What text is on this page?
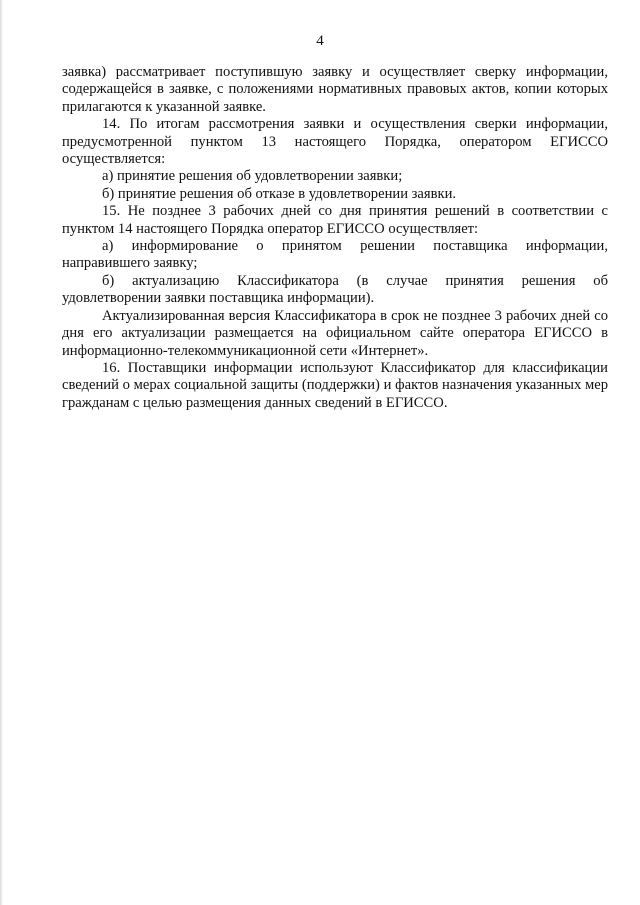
4

заявка) рассматривает поступившую заявку и осуществляет сверку информации, содержащейся в заявке, с положениями нормативных правовых актов, копии которых прилагаются к указанной заявке.

14. По итогам рассмотрения заявки и осуществления сверки информации, предусмотренной пунктом 13 настоящего Порядка, оператором ЕГИССО осуществляется:

а) принятие решения об удовлетворении заявки;

б) принятие решения об отказе в удовлетворении заявки.

15. Не позднее 3 рабочих дней со дня принятия решений в соответствии с пунктом 14 настоящего Порядка оператор ЕГИССО осуществляет:

а) информирование о принятом решении поставщика информации, направившего заявку;

б) актуализацию Классификатора (в случае принятия решения об удовлетворении заявки поставщика информации).

Актуализированная версия Классификатора в срок не позднее 3 рабочих дней со дня его актуализации размещается на официальном сайте оператора ЕГИССО в информационно-телекоммуникационной сети «Интернет».

16. Поставщики информации используют Классификатор для классификации сведений о мерах социальной защиты (поддержки) и фактов назначения указанных мер гражданам с целью размещения данных сведений в ЕГИССО.
